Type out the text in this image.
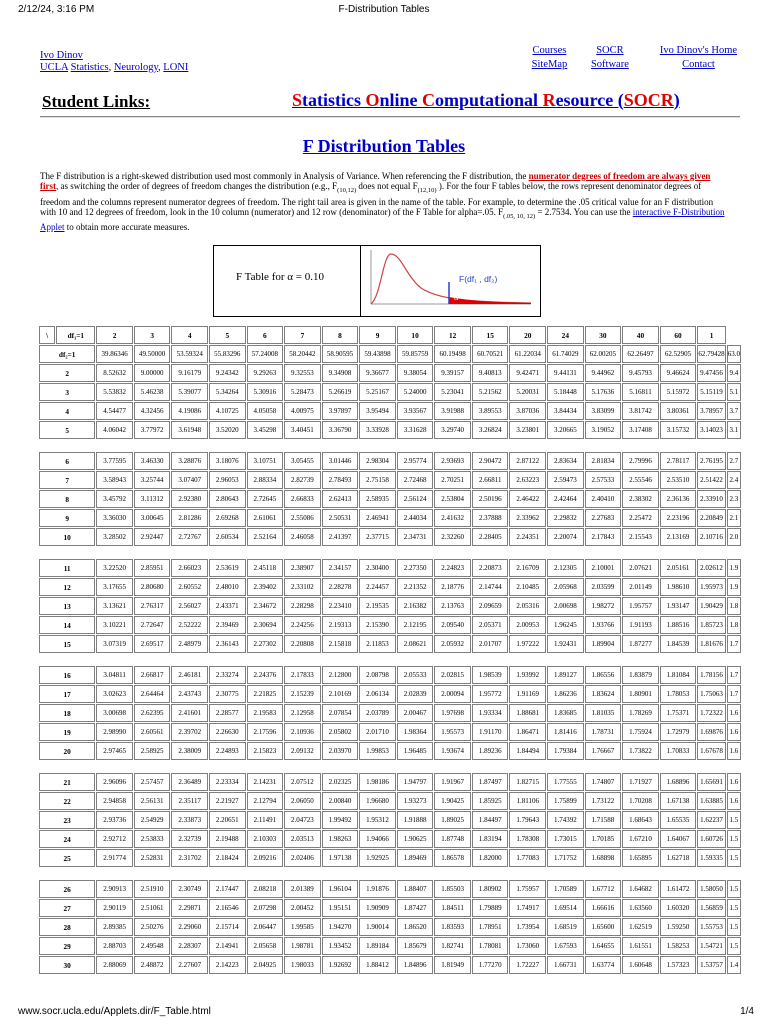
2/12/24, 3:16 PM	F-Distribution Tables
Ivo Dinov
UCLA Statistics, Neurology, LONI
Courses	SOCR	Ivo Dinov's Home
SiteMap	Software	Contact
Student Links:	Statistics Online Computational Resource (SOCR)
F Distribution Tables
The F distribution is a right-skewed distribution used most commonly in Analysis of Variance. When referencing the F distribution, the numerator degrees of freedom are always given first, as switching the order of degrees of freedom changes the distribution (e.g., $F_{(10,12)}$ does not equal $F_{(12,10)}$ ). For the four F tables below, the rows represent denominator degrees of freedom and the columns represent numerator degrees of freedom. The right tail area is given in the name of the table. For example, to determine the .05 critical value for an F distribution with 10 and 12 degrees of freedom, look in the 10 column (numerator) and 12 row (denominator) of the F Table for alpha=.05. $F_{(.05, 10, 12)} = 2.7534$. You can use the interactive F-Distribution Applet to obtain more accurate measures.
F Table for α = 0.10	F(df₁ , df₂)
α
\	df₁=1	2	3	4	5	6	7	8	9	10	12	15	20	24	30	40	60	1	
df₂=1		39.86346	49.50000	53.59324	55.83296	57.24008	58.20442	58.90595	59.43898	59.85759	60.19498	60.70521	61.22034	61.74029	62.00205	62.26497	62.52905	62.79428	63.0
2		8.52632	9.00000	9.16179	9.24342	9.29263	9.32553	9.34908	9.36677	9.38054	9.39157	9.40813	9.42471	9.44131	9.44962	9.45793	9.46624	9.47456	9.4
3		5.53832	5.46238	5.39077	5.34264	5.30916	5.28473	5.26619	5.25167	5.24000	5.23041	5.21562	5.20031	5.18448	5.17636	5.16811	5.15972	5.15119	5.1
4		4.54477	4.32456	4.19086	4.10725	4.05058	4.00975	3.97897	3.95494	3.93567	3.91988	3.89553	3.87036	3.84434	3.83099	3.81742	3.80361	3.78957	3.7
5		4.06042	3.77972	3.61948	3.52020	3.45298	3.40451	3.36790	3.33928	3.31628	3.29740	3.26824	3.23801	3.20665	3.19052	3.17408	3.15732	3.14023	3.1

6		3.77595	3.46330	3.28876	3.18076	3.10751	3.05455	3.01446	2.98304	2.95774	2.93693	2.90472	2.87122	2.83634	2.81834	2.79996	2.78117	2.76195	2.7
7		3.58943	3.25744	3.07407	2.96053	2.88334	2.82739	2.78493	2.75158	2.72468	2.70251	2.66811	2.63223	2.59473	2.57533	2.55546	2.53510	2.51422	2.4
8		3.45792	3.11312	2.92380	2.80643	2.72645	2.66833	2.62413	2.58935	2.56124	2.53804	2.50196	2.46422	2.42464	2.40410	2.38302	2.36136	2.33910	2.3
9		3.36030	3.00645	2.81286	2.69268	2.61061	2.55086	2.50531	2.46941	2.44034	2.41632	2.37888	2.33962	2.29832	2.27683	2.25472	2.23196	2.20849	2.1
10		3.28502	2.92447	2.72767	2.60534	2.52164	2.46058	2.41397	2.37715	2.34731	2.32260	2.28405	2.24351	2.20074	2.17843	2.15543	2.13169	2.10716	2.0

11		3.22520	2.85951	2.66023	2.53619	2.45118	2.38907	2.34157	2.30400	2.27350	2.24823	2.20873	2.16709	2.12305	2.10001	2.07621	2.05161	2.02612	1.9
12		3.17655	2.80680	2.60552	2.48010	2.39402	2.33102	2.28278	2.24457	2.21352	2.18776	2.14744	2.10485	2.05968	2.03599	2.01149	1.98610	1.95973	1.9
13		3.13621	2.76317	2.56027	2.43371	2.34672	2.28298	2.23410	2.19535	2.16382	2.13763	2.09659	2.05316	2.00698	1.98272	1.95757	1.93147	1.90429	1.8
14		3.10221	2.72647	2.52222	2.39469	2.30694	2.24256	2.19313	2.15390	2.12195	2.09540	2.05371	2.00953	1.96245	1.93766	1.91193	1.88516	1.85723	1.8
15		3.07319	2.69517	2.48979	2.36143	2.27302	2.20808	2.15818	2.11853	2.08621	2.05932	2.01707	1.97222	1.92431	1.89904	1.87277	1.84539	1.81676	1.7

16		3.04811	2.66817	2.46181	2.33274	2.24376	2.17833	2.12800	2.08798	2.05533	2.02815	1.98539	1.93992	1.89127	1.86556	1.83879	1.81084	1.78156	1.7
17		3.02623	2.64464	2.43743	2.30775	2.21825	2.15239	2.10169	2.06134	2.02839	2.00094	1.95772	1.91169	1.86236	1.83624	1.80901	1.78053	1.75063	1.7
18		3.00698	2.62395	2.41601	2.28577	2.19583	2.12958	2.07854	2.03789	2.00467	1.97698	1.93334	1.88681	1.83685	1.81035	1.78269	1.75371	1.72322	1.6
19		2.98990	2.60561	2.39702	2.26630	2.17596	2.10936	2.05802	2.01710	1.98364	1.95573	1.91170	1.86471	1.81416	1.78731	1.75924	1.72979	1.69876	1.6
20		2.97465	2.58925	2.38009	2.24893	2.15823	2.09132	2.03970	1.99853	1.96485	1.93674	1.89236	1.84494	1.79384	1.76667	1.73822	1.70833	1.67678	1.6

21		2.96096	2.57457	2.36489	2.23334	2.14231	2.07512	2.02325	1.98186	1.94797	1.91967	1.87497	1.82715	1.77555	1.74807	1.71927	1.68896	1.65691	1.6
22		2.94858	2.56131	2.35117	2.21927	2.12794	2.06050	2.00840	1.96680	1.93273	1.90425	1.85925	1.81106	1.75899	1.73122	1.70208	1.67138	1.63885	1.6
23		2.93736	2.54929	2.33873	2.20651	2.11491	2.04723	1.99492	1.95312	1.91888	1.89025	1.84497	1.79643	1.74392	1.71588	1.68643	1.65535	1.62237	1.5
24		2.92712	2.53833	2.32739	2.19488	2.10303	2.03513	1.98263	1.94066	1.90625	1.87748	1.83194	1.78308	1.73015	1.70185	1.67210	1.64067	1.60726	1.5
25		2.91774	2.52831	2.31702	2.18424	2.09216	2.02406	1.97138	1.92925	1.89469	1.86578	1.82000	1.77083	1.71752	1.68898	1.65895	1.62718	1.59335	1.5

26		2.90913	2.51910	2.30749	2.17447	2.08218	2.01389	1.96104	1.91876	1.88407	1.85503	1.80902	1.75957	1.70589	1.67712	1.64682	1.61472	1.58050	1.5
27		2.90119	2.51061	2.29871	2.16546	2.07298	2.00452	1.95151	1.90909	1.87427	1.84511	1.79889	1.74917	1.69514	1.66616	1.63560	1.60320	1.56859	1.5
28		2.89385	2.50276	2.29060	2.15714	2.06447	1.99585	1.94270	1.90014	1.86520	1.83593	1.78951	1.73954	1.68519	1.65600	1.62519	1.59250	1.55753	1.5
29		2.88703	2.49548	2.28307	2.14941	2.05658	1.98781	1.93452	1.89184	1.85679	1.82741	1.78081	1.73060	1.67593	1.64655	1.61551	1.58253	1.54721	1.5
30		2.88069	2.48872	2.27607	2.14223	2.04925	1.98033	1.92692	1.88412	1.84896	1.81949	1.77270	1.72227	1.66731	1.63774	1.60648	1.57323	1.53757	1.4
www.socr.ucla.edu/Applets.dir/F_Table.html	1/4
